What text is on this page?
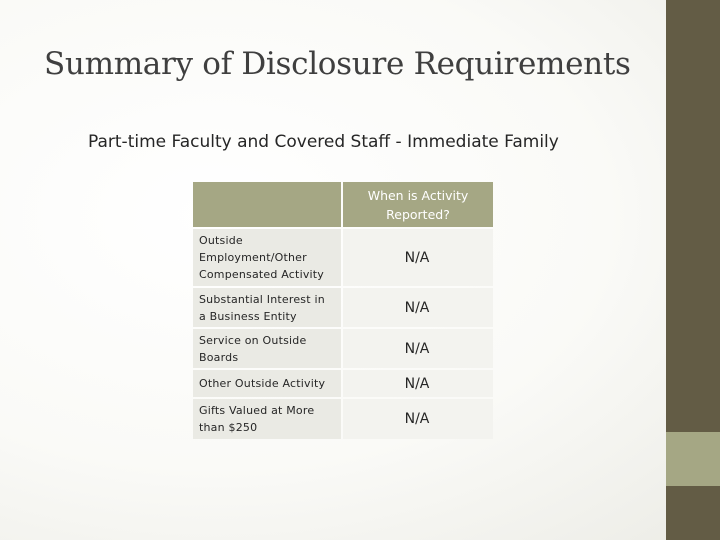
Summary of Disclosure Requirements
Part-time Faculty and Covered Staff - Immediate Family
When is Activity Reported?
Outside Employment/Other Compensated Activity
N/A
Substantial Interest in a Business Entity
N/A
Service on Outside Boards
N/A
Other Outside Activity	N/A
Gifts Valued at More than $250
N/A
